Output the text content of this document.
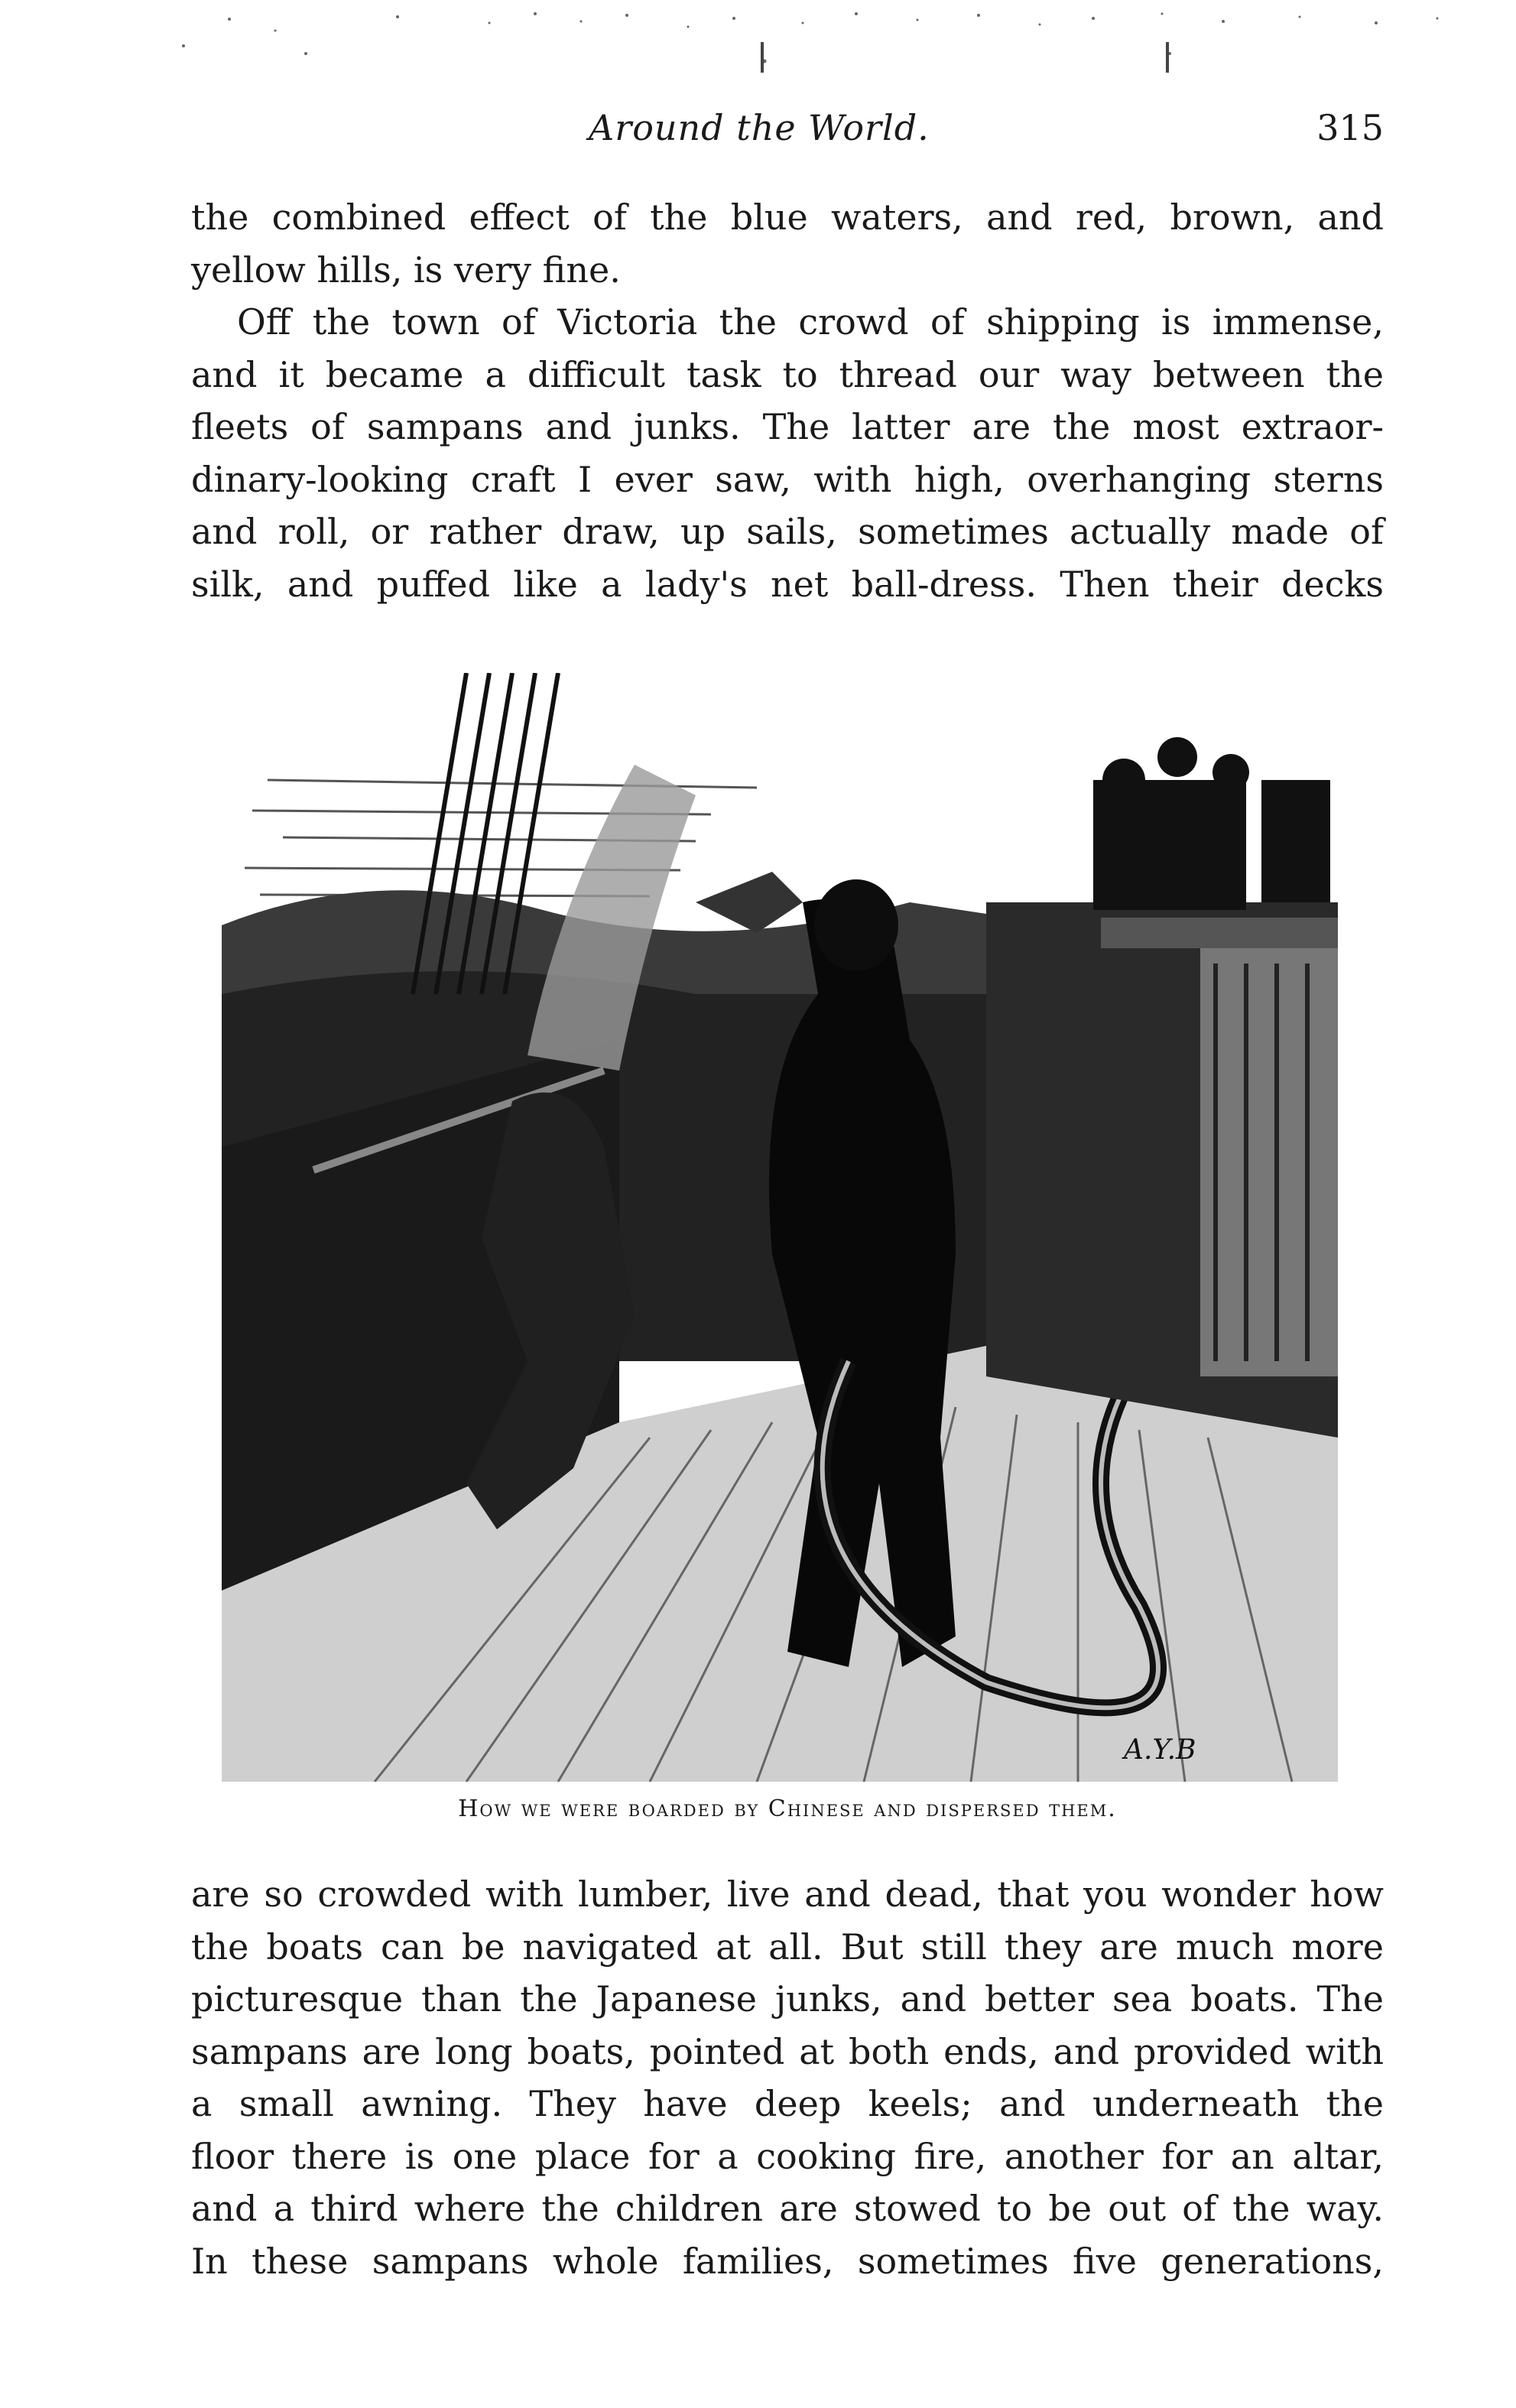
Around the World.	315

the combined effect of the blue waters, and red, brown, and
yellow hills, is very fine.

Off the town of Victoria the crowd of shipping is immense,
and it became a difficult task to thread our way between the
fleets of sampans and junks. The latter are the most extraor-
dinary-looking craft I ever saw, with high, overhanging sterns
and roll, or rather draw, up sails, sometimes actually made of
silk, and puffed like a lady's net ball-dress. Then their decks

A.Y.B
How we were boarded by Chinese and dispersed them.

are so crowded with lumber, live and dead, that you wonder how
the boats can be navigated at all. But still they are much more
picturesque than the Japanese junks, and better sea boats. The
sampans are long boats, pointed at both ends, and provided with
a small awning. They have deep keels; and underneath the
floor there is one place for a cooking fire, another for an altar,
and a third where the children are stowed to be out of the way.
In these sampans whole families, sometimes five generations,
